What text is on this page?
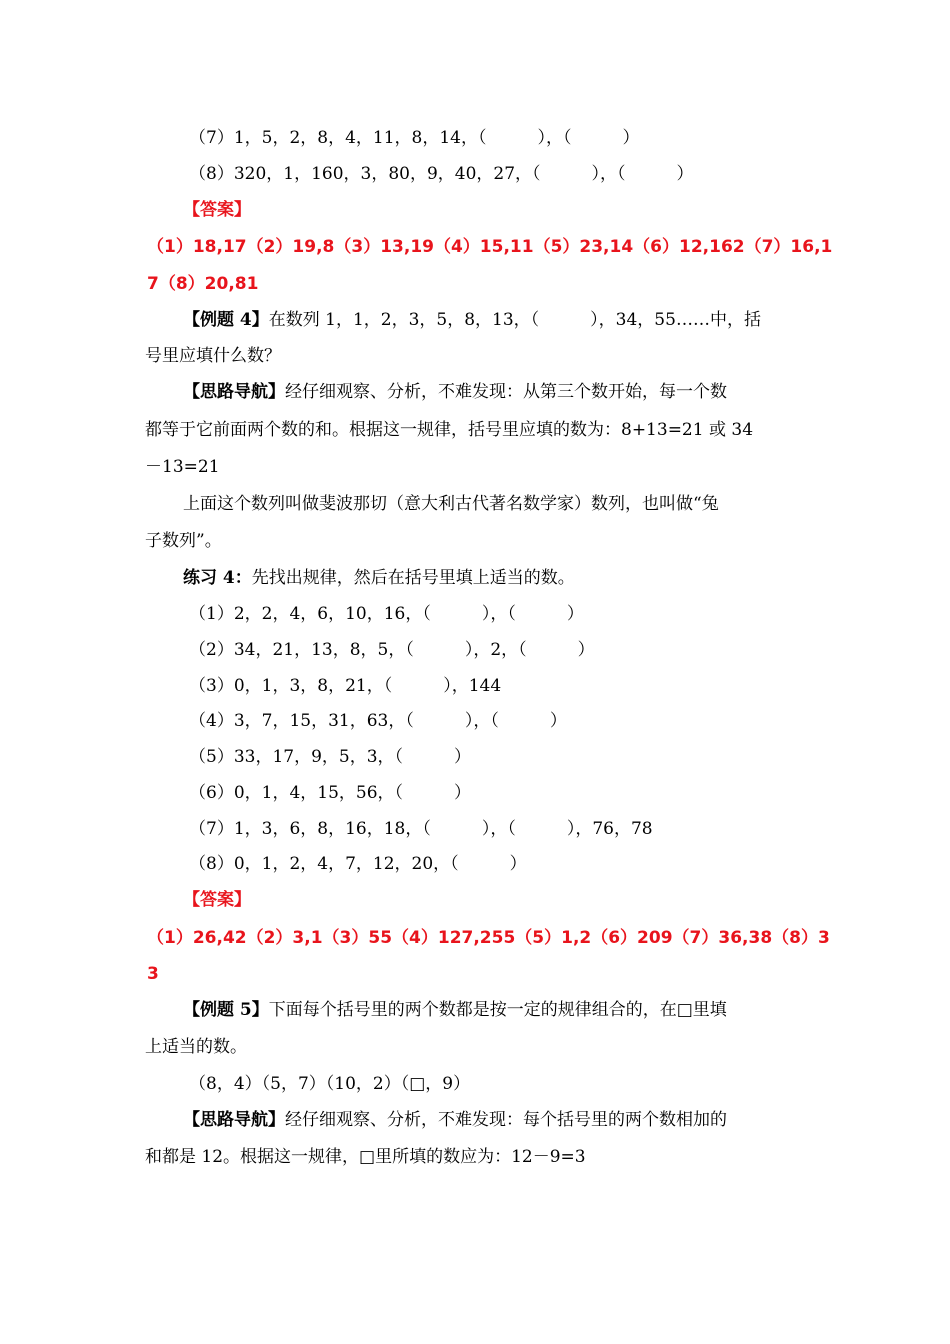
（7）1，5，2，8，4，11，8，14，（　　　），（　　　）
（8）320，1，160，3，80，9，40，27，（　　　），（　　　）
【答案】
（1）18,17（2）19,8（3）13,19（4）15,11（5）23,14（6）12,162（7）16,1
7（8）20,81
【例题 4】在数列 1，1，2，3，5，8，13，（　　　），34，55……中，括
号里应填什么数？
【思路导航】经仔细观察、分析，不难发现：从第三个数开始，每一个数
都等于它前面两个数的和。根据这一规律，括号里应填的数为：8+13=21 或 34
－13=21
上面这个数列叫做斐波那切（意大利古代著名数学家）数列，也叫做“兔
子数列”。
练习 4：先找出规律，然后在括号里填上适当的数。
（1）2，2，4，6，10，16，（　　　），（　　　）
（2）34，21，13，8，5，（　　　），2，（　　　）
（3）0，1，3，8，21，（　　　），144
（4）3，7，15，31，63，（　　　），（　　　）
（5）33，17，9，5，3，（　　　）
（6）0，1，4，15，56，（　　　）
（7）1，3，6，8，16，18，（　　　），（　　　），76，78
（8）0，1，2，4，7，12，20，（　　　）
【答案】
（1）26,42（2）3,1（3）55（4）127,255（5）1,2（6）209（7）36,38（8）3
3
【例题 5】下面每个括号里的两个数都是按一定的规律组合的，在□里填
上适当的数。
（8，4）（5，7）（10，2）（□，9）
【思路导航】经仔细观察、分析，不难发现：每个括号里的两个数相加的
和都是 12。根据这一规律，□里所填的数应为：12－9=3
